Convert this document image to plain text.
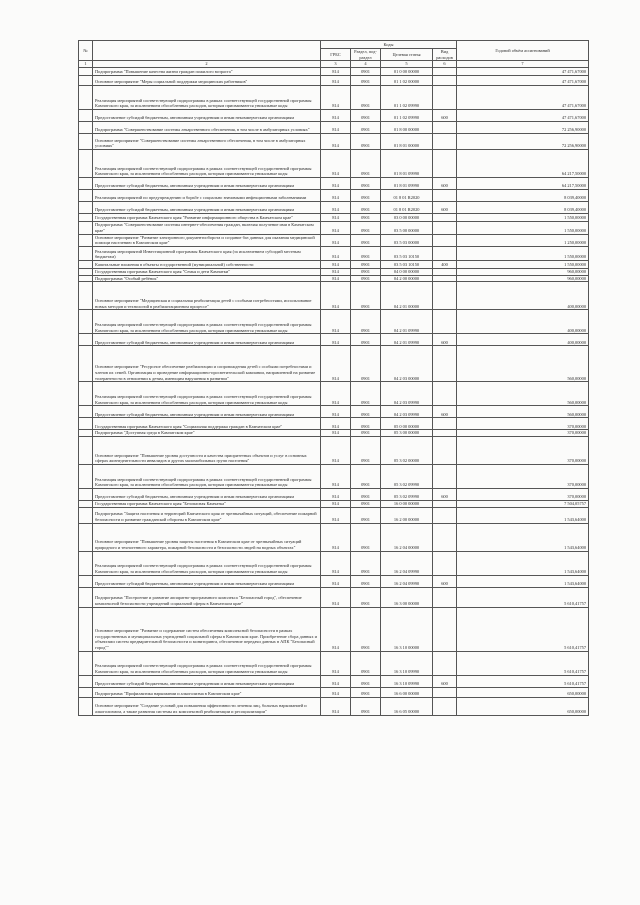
№		Коды				Годовой объём ассигнований
		ГРБС	Раздел, под-раздел	Целевая статья	Вид расходов	
1	2	3	4	5	6	7
	Подпрограмма "Повышение качества жизни граждан пожилого возраста"	814	0901	01 0 00 00000		47 471,67000
	Основное мероприятие "Меры социальной поддержки медицинских работников"	814	0901	01 1 02 00000		47 471,67000
	Реализация мероприятий соответствующей подпрограммы в рамках соответствующей государственной программы Камчатского края, за исключением обособленных расходов, которым присваиваются уникальные коды	814	0901	01 1 02 09990		47 471,67000
	Предоставление субсидий бюджетным, автономным учреждениям и иным некоммерческим организациям	814	0901	01 1 02 09990	600	47 471,67000
	Подпрограмма "Совершенствование системы лекарственного обеспечения, в том числе в амбулаторных условиях"	814	0901	01 8 00 00000		72 256,90000
	Основное мероприятие "Совершенствование системы лекарственного обеспечения, в том числе в амбулаторных условиях"	814	0901	01 8 01 00000		72 256,90000
	Реализация мероприятий соответствующей подпрограммы в рамках соответствующей государственной программы Камчатского края, за исключением обособленных расходов, которым присваиваются уникальные коды	814	0901	01 8 01 09990		64 217,50000
	Предоставление субсидий бюджетным, автономным учреждениям и иным некоммерческим организациям	814	0901	01 8 01 09990	600	64 217,50000
	Реализация мероприятий по предупреждению и борьбе с социально значимыми инфекционными заболеваниями	814	0901	01 8 01 R2020		8 039,40000
	Предоставление субсидий бюджетным, автономным учреждениям и иным некоммерческим организациям	814	0901	01 8 01 R2020	600	8 039,40000
	Государственная программа Камчатского края "Развитие информационного общества в Камчатском крае"	814	0901	03 0 00 00000		1 550,00000
	Подпрограмма "Совершенствование системы интернет-обеспечения граждан, включая получение ими в Камчатском крае"	814	0901	03 5 00 00000		1 550,00000
	Основное мероприятие "Развитие электронного документооборота и создание баз данных для оказания медицинской помощи населению в Камчатском крае"	814	0901	03 5 03 00000		1 250,00000
	Реализация мероприятий Инвестиционной программы Камчатского края (за исключением субсидий местным бюджетам)	814	0901	03 5 03 10150		1 550,00000
	Капитальные вложения в объекты государственной (муниципальной) собственности	814	0901	03 5 03 10150	400	1 550,00000
	Государственная программа Камчатского края "Семья и дети Камчатки"	814	0901	04 0 00 00000		960,00000
	Подпрограмма "Особый ребёнок"	814	0901	04 2 00 00000		960,00000
	Основное мероприятие "Медицинская и социальная реабилитация детей с особыми потребностями, использование новых методов и технологий в реабилитационном процессе"	814	0901	04 2 01 00000		400,00000
	Реализация мероприятий соответствующей подпрограммы в рамках соответствующей государственной программы Камчатского края, за исключением обособленных расходов, которым присваиваются уникальные коды	814	0901	04 2 01 09990		400,00000
	Предоставление субсидий бюджетным, автономным учреждениям и иным некоммерческим организациям	814	0901	04 2 01 09990	600	400,00000
	Основное мероприятие "Ресурсное обеспечение реабилитации и сопровождения детей с особыми потребностями и членов их семей. Организация и проведение информационно-просветительской кампании, направленной на развитие толерантности в отношении к детям, имеющим нарушения в развитии"	814	0901	04 2 03 00000		560,00000
	Реализация мероприятий соответствующей подпрограммы в рамках соответствующей государственной программы Камчатского края, за исключением обособленных расходов, которым присваиваются уникальные коды	814	0901	04 2 03 09990		560,00000
	Предоставление субсидий бюджетным, автономным учреждениям и иным некоммерческим организациям	814	0901	04 2 03 09990	600	560,00000
	Государственная программа Камчатского края "Социальная поддержка граждан в Камчатском крае"	814	0901	05 0 00 00000		370,00000
	Подпрограмма "Доступная среда в Камчатском крае"	814	0901	05 3 00 00000		370,00000
	Основное мероприятие "Повышение уровня доступности и качества приоритетных объектов и услуг в основных сферах жизнедеятельности инвалидов и других маломобильных групп населения"	814	0901	05 3 02 00000		370,00000
	Реализация мероприятий соответствующей подпрограммы в рамках соответствующей государственной программы Камчатского края, за исключением обособленных расходов, которым присваиваются уникальные коды	814	0901	05 3 02 09990		370,00000
	Предоставление субсидий бюджетным, автономным учреждениям и иным некоммерческим организациям	814	0901	05 3 02 09990	600	370,00000
	Государственная программа Камчатского края "Безопасная Камчатка"	814	0901	16 0 00 00000		7 504,05757
	Подпрограмма "Защита населения и территорий Камчатского края от чрезвычайных ситуаций, обеспечение пожарной безопасности и развитие гражданской обороны в Камчатском крае"	814	0901	16 2 00 00000		1 543,64000
	Основное мероприятие "Повышение уровня защиты населения в Камчатском крае от чрезвычайных ситуаций природного и техногенного характера, пожарной безопасности и безопасности людей на водных объектах"	814	0901	16 2 04 00000		1 543,64000
	Реализация мероприятий соответствующей подпрограммы в рамках соответствующей государственной программы Камчатского края, за исключением обособленных расходов, которым присваиваются уникальные коды	814	0901	16 2 04 09990		1 543,64000
	Предоставление субсидий бюджетным, автономным учреждениям и иным некоммерческим организациям	814	0901	16 2 04 09990	600	1 543,64000
	Подпрограмма "Построение и развитие аппаратно-программного комплекса "Безопасный город", обеспечение комплексной безопасности учреждений социальной сферы в Камчатском крае"	814	0901	16 3 00 00000		5 610,41757
	Основное мероприятие "Развитие и содержание систем обеспечения комплексной безопасности в рамках государственных и муниципальных учреждений социальной сферы в Камчатском крае. Приобретение сбора данных и объектами систем предварительной безопасности и мониторинга, обеспечение передачи данных в АПК "Безопасный город""	814	0901	16 3 10 00000		5 610,41757
	Реализация мероприятий соответствующей подпрограммы в рамках соответствующей государственной программы Камчатского края, за исключением обособленных расходов, которым присваиваются уникальные коды	814	0901	16 3 10 09990		5 610,41757
	Предоставление субсидий бюджетным, автономным учреждениям и иным некоммерческим организациям	814	0901	16 3 10 09990	600	5 610,41757
	Подпрограмма "Профилактика наркомании и алкоголизма в Камчатском крае"	814	0901	16 6 00 00000		650,00000
	Основное мероприятие "Создание условий для повышения эффективности лечения лиц, больных наркоманией и алкоголизмом, а также развития системы их комплексной реабилитации и ресоциализации"	814	0901	16 6 05 00000		650,00000
